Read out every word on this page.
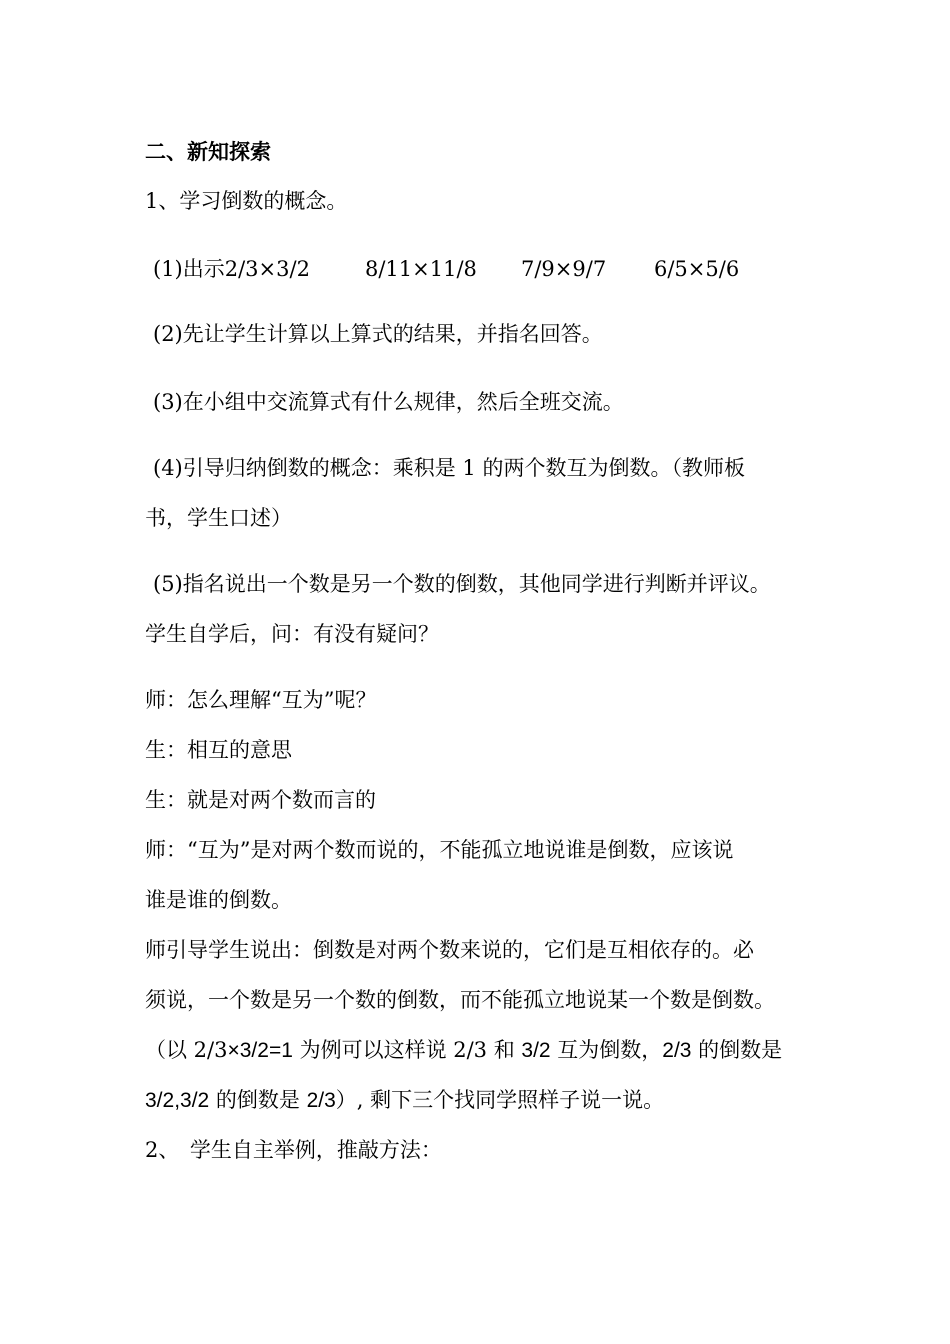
二、新知探索
1、学习倒数的概念。
(1)出示2/3×3/2	8/11×11/8 7/9×9/7 6/5×5/6
(2)先让学生计算以上算式的结果，并指名回答。
(3)在小组中交流算式有什么规律，然后全班交流。
(4)引导归纳倒数的概念：乘积是 1 的两个数互为倒数。（教师板
书，学生口述）
(5)指名说出一个数是另一个数的倒数，其他同学进行判断并评议。
学生自学后，问：有没有疑问？
师：怎么理解“互为”呢？
生：相互的意思
生：就是对两个数而言的
师：“互为”是对两个数而说的，不能孤立地说谁是倒数，应该说
谁是谁的倒数。
师引导学生说出：倒数是对两个数来说的，它们是互相依存的。必
须说，一个数是另一个数的倒数，而不能孤立地说某一个数是倒数。
（以 2/3×3/2=1 为例可以这样说 2/3 和 3/2 互为倒数，2/3 的倒数是
3/2,3/2 的倒数是 2/3）, 剩下三个找同学照样子说一说。
2、　学生自主举例，推敲方法：
